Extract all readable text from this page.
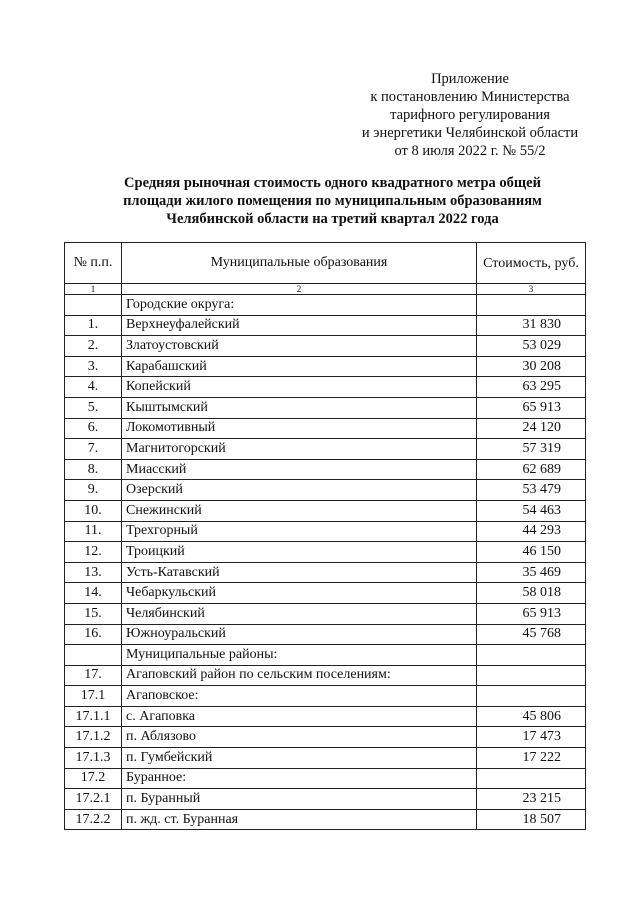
Приложение
к постановлению Министерства
тарифного регулирования
и энергетики Челябинской области
от 8 июля 2022 г. № 55/2
Средняя рыночная стоимость одного квадратного метра общей
площади жилого помещения по муниципальным образованиям
Челябинской области на третий квартал 2022 года
№ п.п.	Муниципальные образования	Стоимость, руб.
1	2	3
	Городские округа:	
1.	Верхнеуфалейский	31 830
2.	Златоустовский	53 029
3.	Карабашский	30 208
4.	Копейский	63 295
5.	Кыштымский	65 913
6.	Локомотивный	24 120
7.	Магнитогорский	57 319
8.	Миасский	62 689
9.	Озерский	53 479
10.	Снежинский	54 463
11.	Трехгорный	44 293
12.	Троицкий	46 150
13.	Усть-Катавский	35 469
14.	Чебаркульский	58 018
15.	Челябинский	65 913
16.	Южноуральский	45 768
	Муниципальные районы:	
17.	Агаповский район по сельским поселениям:	
17.1	Агаповское:	
17.1.1	с. Агаповка	45 806
17.1.2	п. Аблязово	17 473
17.1.3	п. Гумбейский	17 222
17.2	Буранное:	
17.2.1	п. Буранный	23 215
17.2.2	п. жд. ст. Буранная	18 507
